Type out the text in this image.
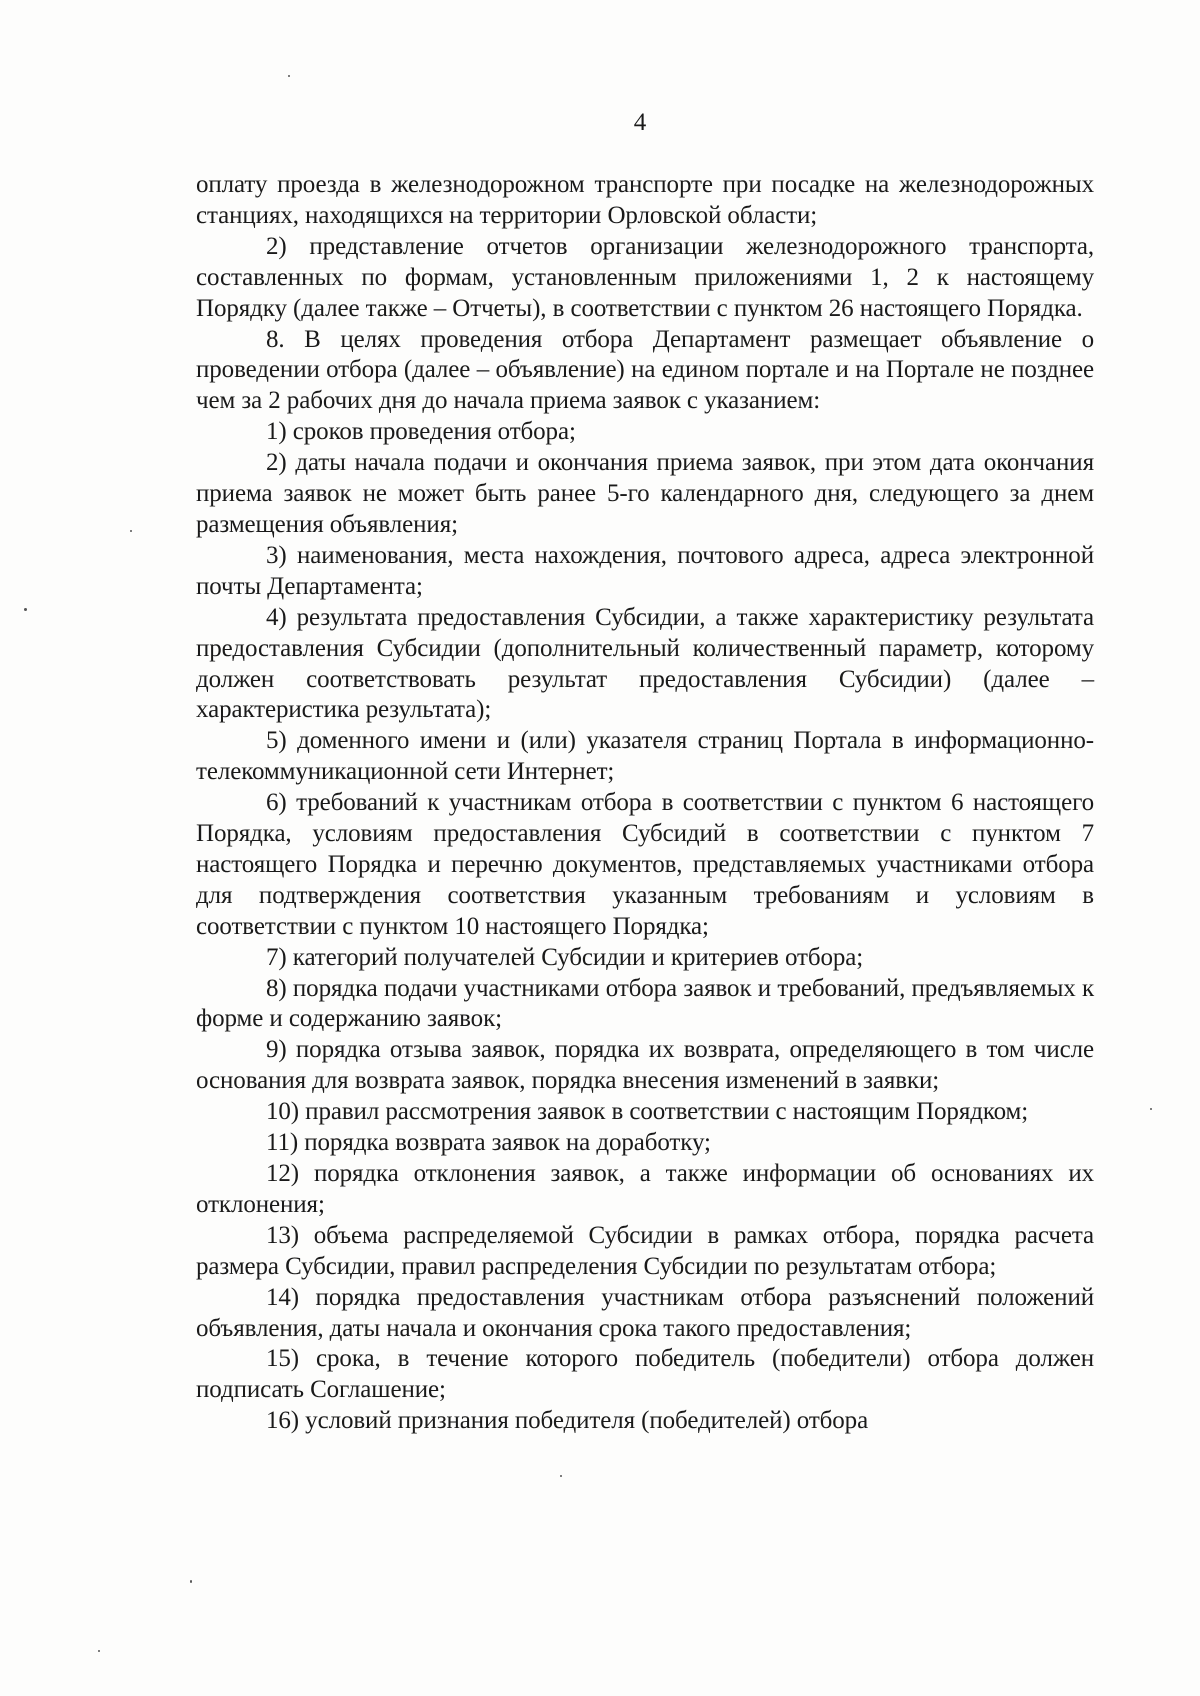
4

оплату проезда в железнодорожном транспорте при посадке на железнодорожных станциях, находящихся на территории Орловской области;

2) представление отчетов организации железнодорожного транспорта, составленных по формам, установленным приложениями 1, 2 к настоящему Порядку (далее также – Отчеты), в соответствии с пунктом 26 настоящего Порядка.

8. В целях проведения отбора Департамент размещает объявление о проведении отбора (далее – объявление) на едином портале и на Портале не позднее чем за 2 рабочих дня до начала приема заявок с указанием:

1) сроков проведения отбора;

2) даты начала подачи и окончания приема заявок, при этом дата окончания приема заявок не может быть ранее 5-го календарного дня, следующего за днем размещения объявления;

3) наименования, места нахождения, почтового адреса, адреса электронной почты Департамента;

4) результата предоставления Субсидии, а также характеристику результата предоставления Субсидии (дополнительный количественный параметр, которому должен соответствовать результат предоставления Субсидии) (далее – характеристика результата);

5) доменного имени и (или) указателя страниц Портала в информационно-телекоммуникационной сети Интернет;

6) требований к участникам отбора в соответствии с пунктом 6 настоящего Порядка, условиям предоставления Субсидий в соответствии с пунктом 7 настоящего Порядка и перечню документов, представляемых участниками отбора для подтверждения соответствия указанным требованиям и условиям в соответствии с пунктом 10 настоящего Порядка;

7) категорий получателей Субсидии и критериев отбора;

8) порядка подачи участниками отбора заявок и требований, предъявляемых к форме и содержанию заявок;

9) порядка отзыва заявок, порядка их возврата, определяющего в том числе основания для возврата заявок, порядка внесения изменений в заявки;

10) правил рассмотрения заявок в соответствии с настоящим Порядком;

11) порядка возврата заявок на доработку;

12) порядка отклонения заявок, а также информации об основаниях их отклонения;

13) объема распределяемой Субсидии в рамках отбора, порядка расчета размера Субсидии, правил распределения Субсидии по результатам отбора;

14) порядка предоставления участникам отбора разъяснений положений объявления, даты начала и окончания срока такого предоставления;

15) срока, в течение которого победитель (победители) отбора должен подписать Соглашение;

16) условий признания победителя (победителей) отбора
